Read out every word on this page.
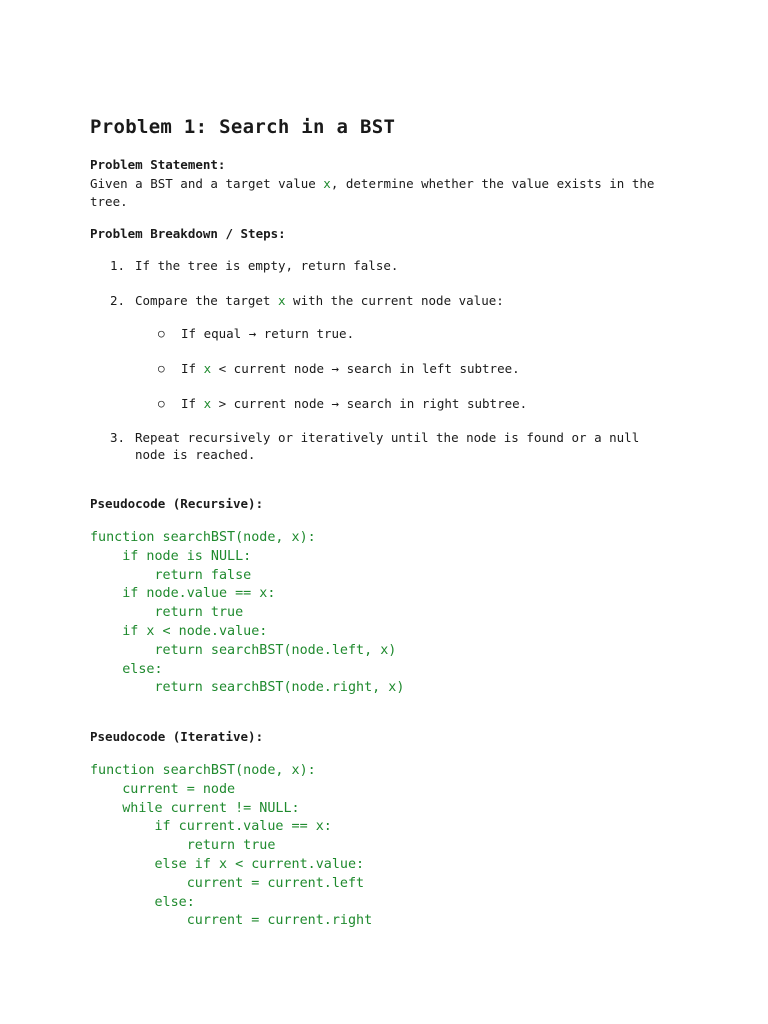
Problem 1: Search in a BST
Problem Statement:
Given a BST and a target value x, determine whether the value exists in the tree.
Problem Breakdown / Steps:
1. If the tree is empty, return false.
2. Compare the target x with the current node value:
○ If equal → return true.
○ If x < current node → search in left subtree.
○ If x > current node → search in right subtree.
3. Repeat recursively or iteratively until the node is found or a null node is reached.
Pseudocode (Recursive):
function searchBST(node, x):
if node is NULL:
return false
if node.value == x:
return true
if x < node.value:
return searchBST(node.left, x)
else:
return searchBST(node.right, x)
Pseudocode (Iterative):
function searchBST(node, x):
current = node
while current != NULL:
if current.value == x:
return true
else if x < current.value:
current = current.left
else:
current = current.right
